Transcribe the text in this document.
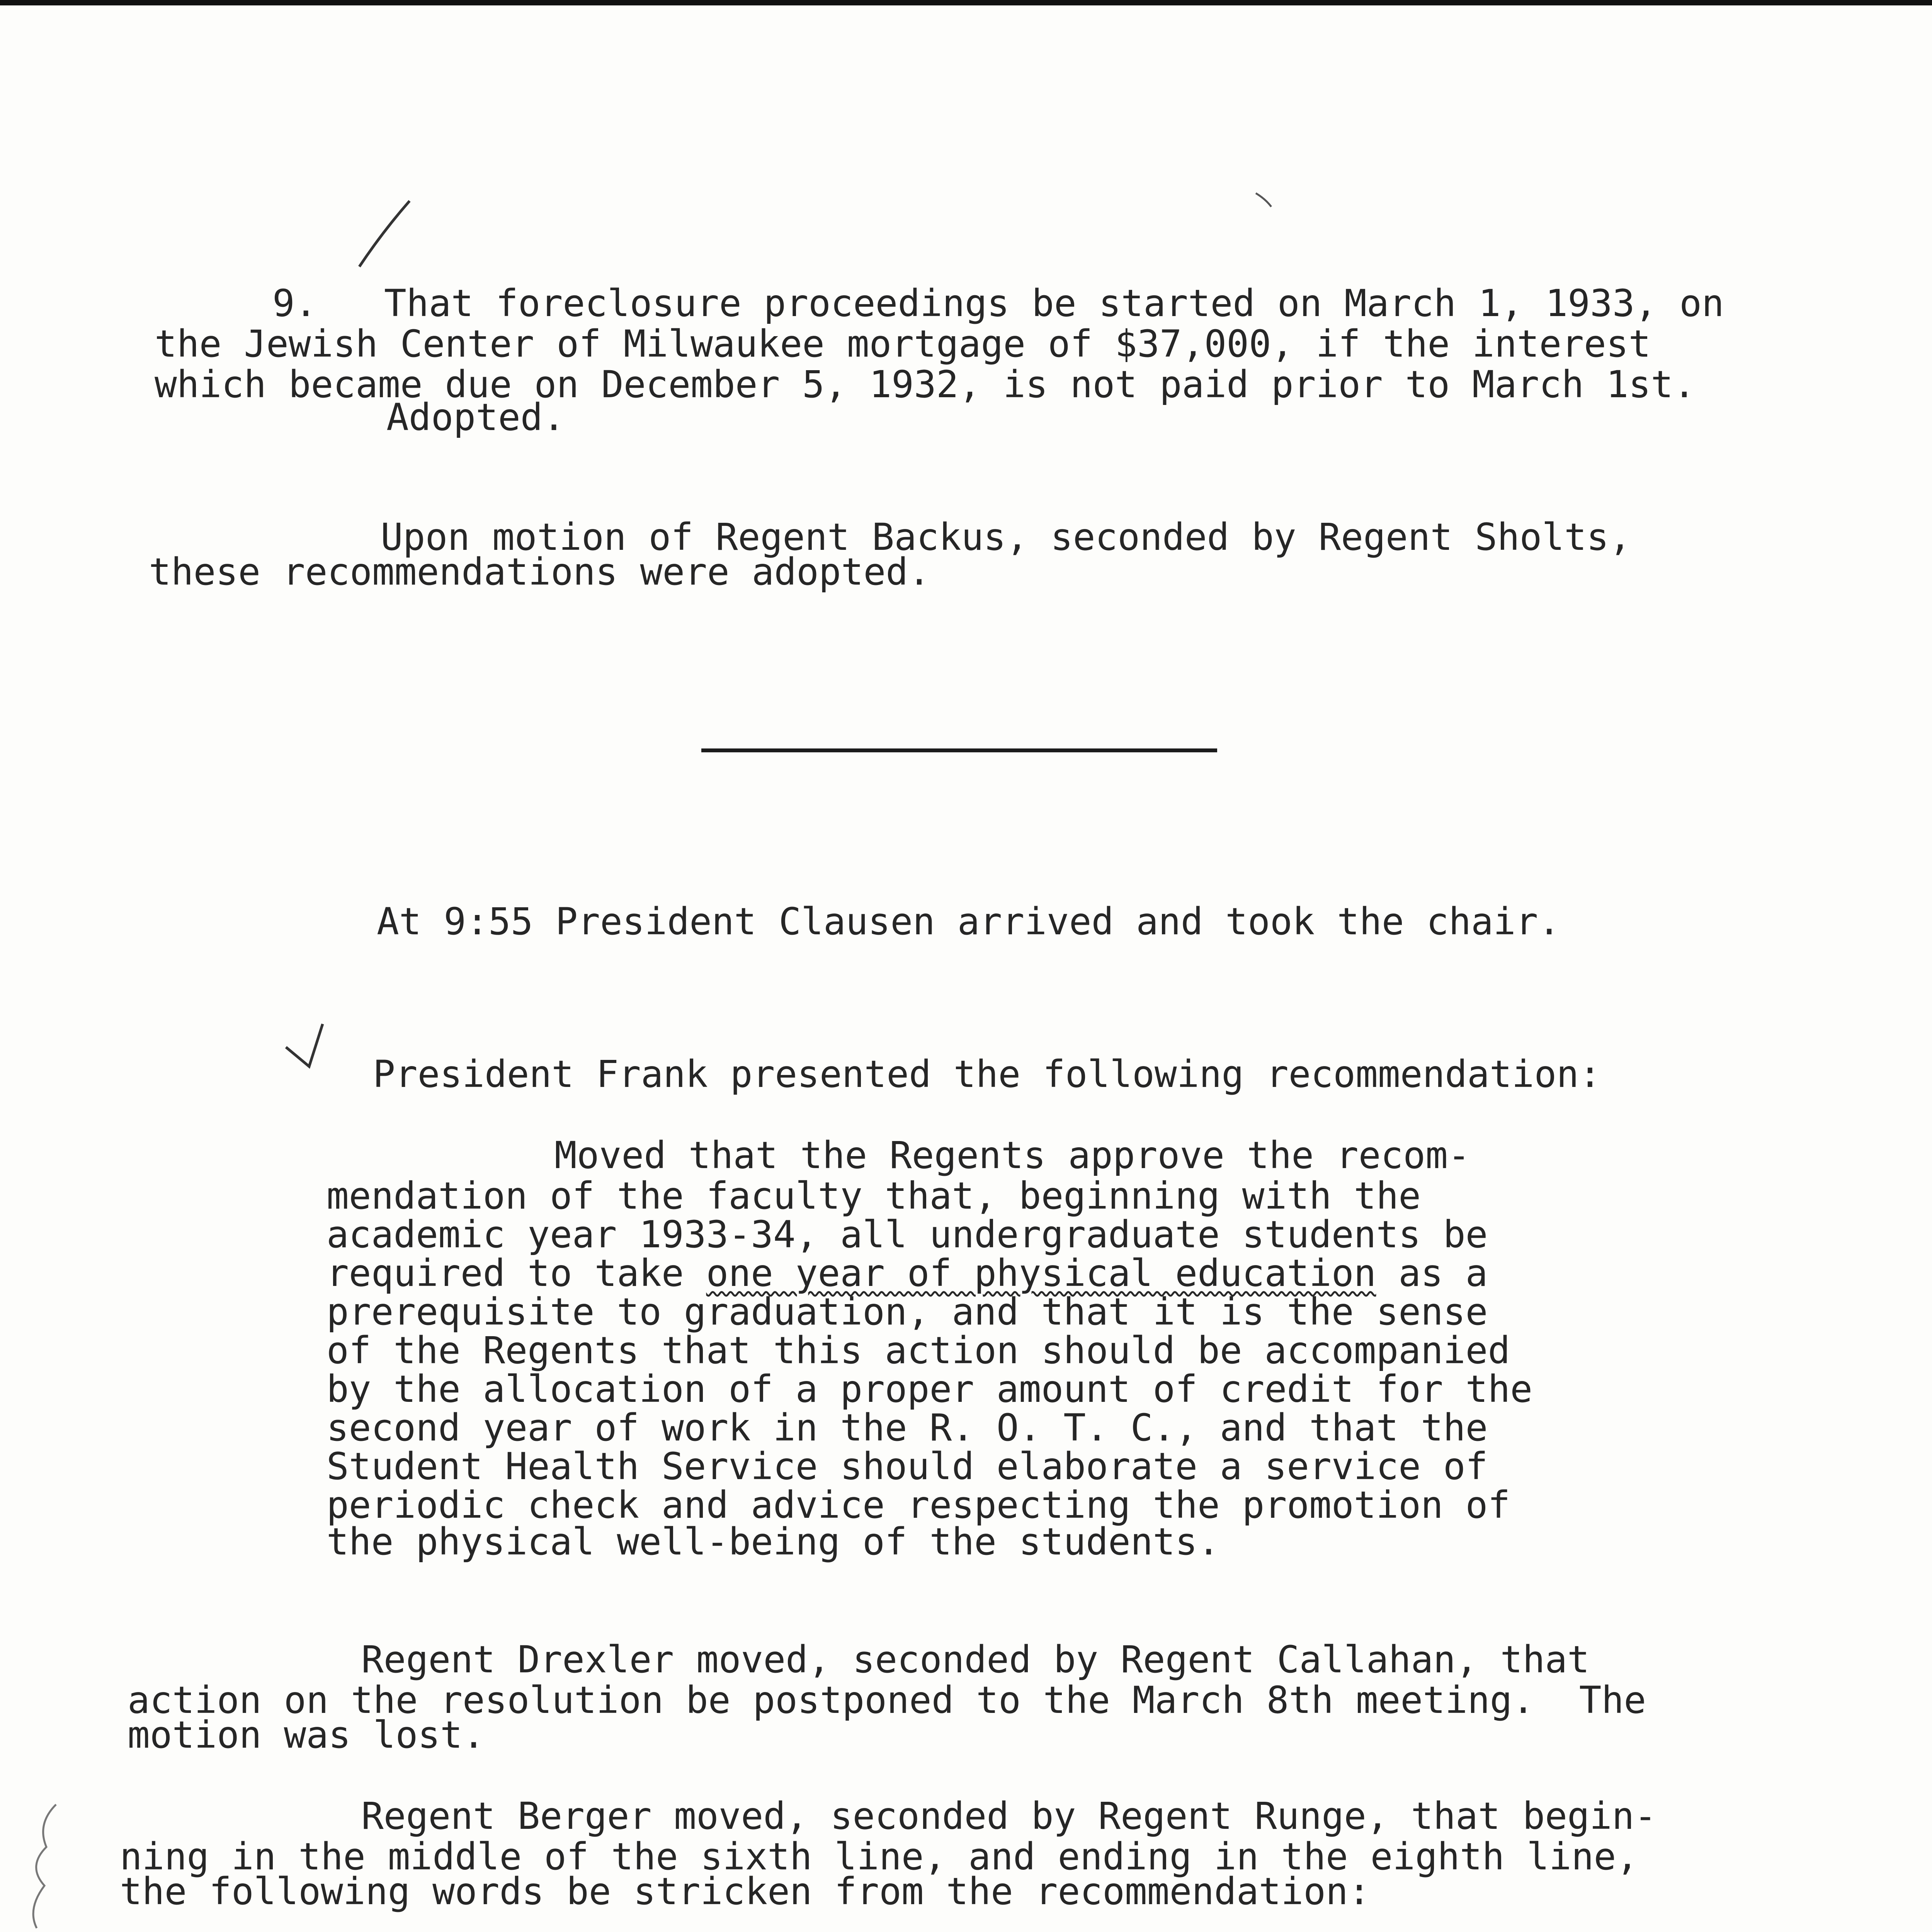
9.   That foreclosure proceedings be started on March 1, 1933, on
the Jewish Center of Milwaukee mortgage of $37,000, if the interest
which became due on December 5, 1932, is not paid prior to March 1st.
Adopted.
Upon motion of Regent Backus, seconded by Regent Sholts,
these recommendations were adopted.
At 9:55 President Clausen arrived and took the chair.
President Frank presented the following recommendation:
Moved that the Regents approve the recom-
mendation of the faculty that, beginning with the
academic year 1933-34, all undergraduate students be
required to take one year of physical education as a
prerequisite to graduation, and that it is the sense
of the Regents that this action should be accompanied
by the allocation of a proper amount of credit for the
second year of work in the R. O. T. C., and that the
Student Health Service should elaborate a service of
periodic check and advice respecting the promotion of
the physical well-being of the students.
Regent Drexler moved, seconded by Regent Callahan, that
action on the resolution be postponed to the March 8th meeting.  The
motion was lost.
Regent Berger moved, seconded by Regent Runge, that begin-
ning in the middle of the sixth line, and ending in the eighth line,
the following words be stricken from the recommendation:
